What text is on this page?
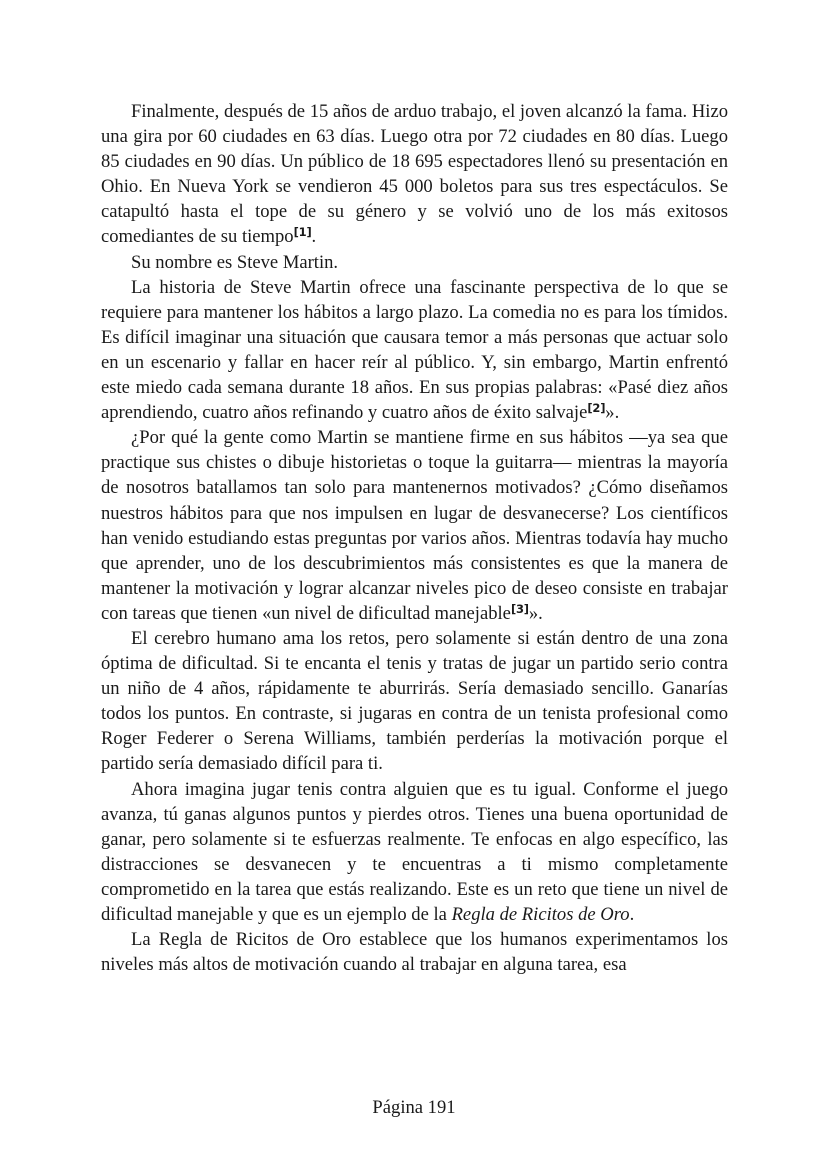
Finalmente, después de 15 años de arduo trabajo, el joven alcanzó la fama. Hizo una gira por 60 ciudades en 63 días. Luego otra por 72 ciudades en 80 días. Luego 85 ciudades en 90 días. Un público de 18 695 espectadores llenó su presentación en Ohio. En Nueva York se vendieron 45 000 boletos para sus tres espectáculos. Se catapultó hasta el tope de su género y se volvió uno de los más exitosos comediantes de su tiempo[1].

Su nombre es Steve Martin.

La historia de Steve Martin ofrece una fascinante perspectiva de lo que se requiere para mantener los hábitos a largo plazo. La comedia no es para los tímidos. Es difícil imaginar una situación que causara temor a más personas que actuar solo en un escenario y fallar en hacer reír al público. Y, sin embargo, Martin enfrentó este miedo cada semana durante 18 años. En sus propias palabras: «Pasé diez años aprendiendo, cuatro años refinando y cuatro años de éxito salvaje[2]».

¿Por qué la gente como Martin se mantiene firme en sus hábitos —ya sea que practique sus chistes o dibuje historietas o toque la guitarra— mientras la mayoría de nosotros batallamos tan solo para mantenernos motivados? ¿Cómo diseñamos nuestros hábitos para que nos impulsen en lugar de desvanecerse? Los científicos han venido estudiando estas preguntas por varios años. Mientras todavía hay mucho que aprender, uno de los descubrimientos más consistentes es que la manera de mantener la motivación y lograr alcanzar niveles pico de deseo consiste en trabajar con tareas que tienen «un nivel de dificultad manejable[3]».

El cerebro humano ama los retos, pero solamente si están dentro de una zona óptima de dificultad. Si te encanta el tenis y tratas de jugar un partido serio contra un niño de 4 años, rápidamente te aburrirás. Sería demasiado sencillo. Ganarías todos los puntos. En contraste, si jugaras en contra de un tenista profesional como Roger Federer o Serena Williams, también perderías la motivación porque el partido sería demasiado difícil para ti.

Ahora imagina jugar tenis contra alguien que es tu igual. Conforme el juego avanza, tú ganas algunos puntos y pierdes otros. Tienes una buena oportunidad de ganar, pero solamente si te esfuerzas realmente. Te enfocas en algo específico, las distracciones se desvanecen y te encuentras a ti mismo completamente comprometido en la tarea que estás realizando. Este es un reto que tiene un nivel de dificultad manejable y que es un ejemplo de la Regla de Ricitos de Oro.

La Regla de Ricitos de Oro establece que los humanos experimentamos los niveles más altos de motivación cuando al trabajar en alguna tarea, esa

Página 191
